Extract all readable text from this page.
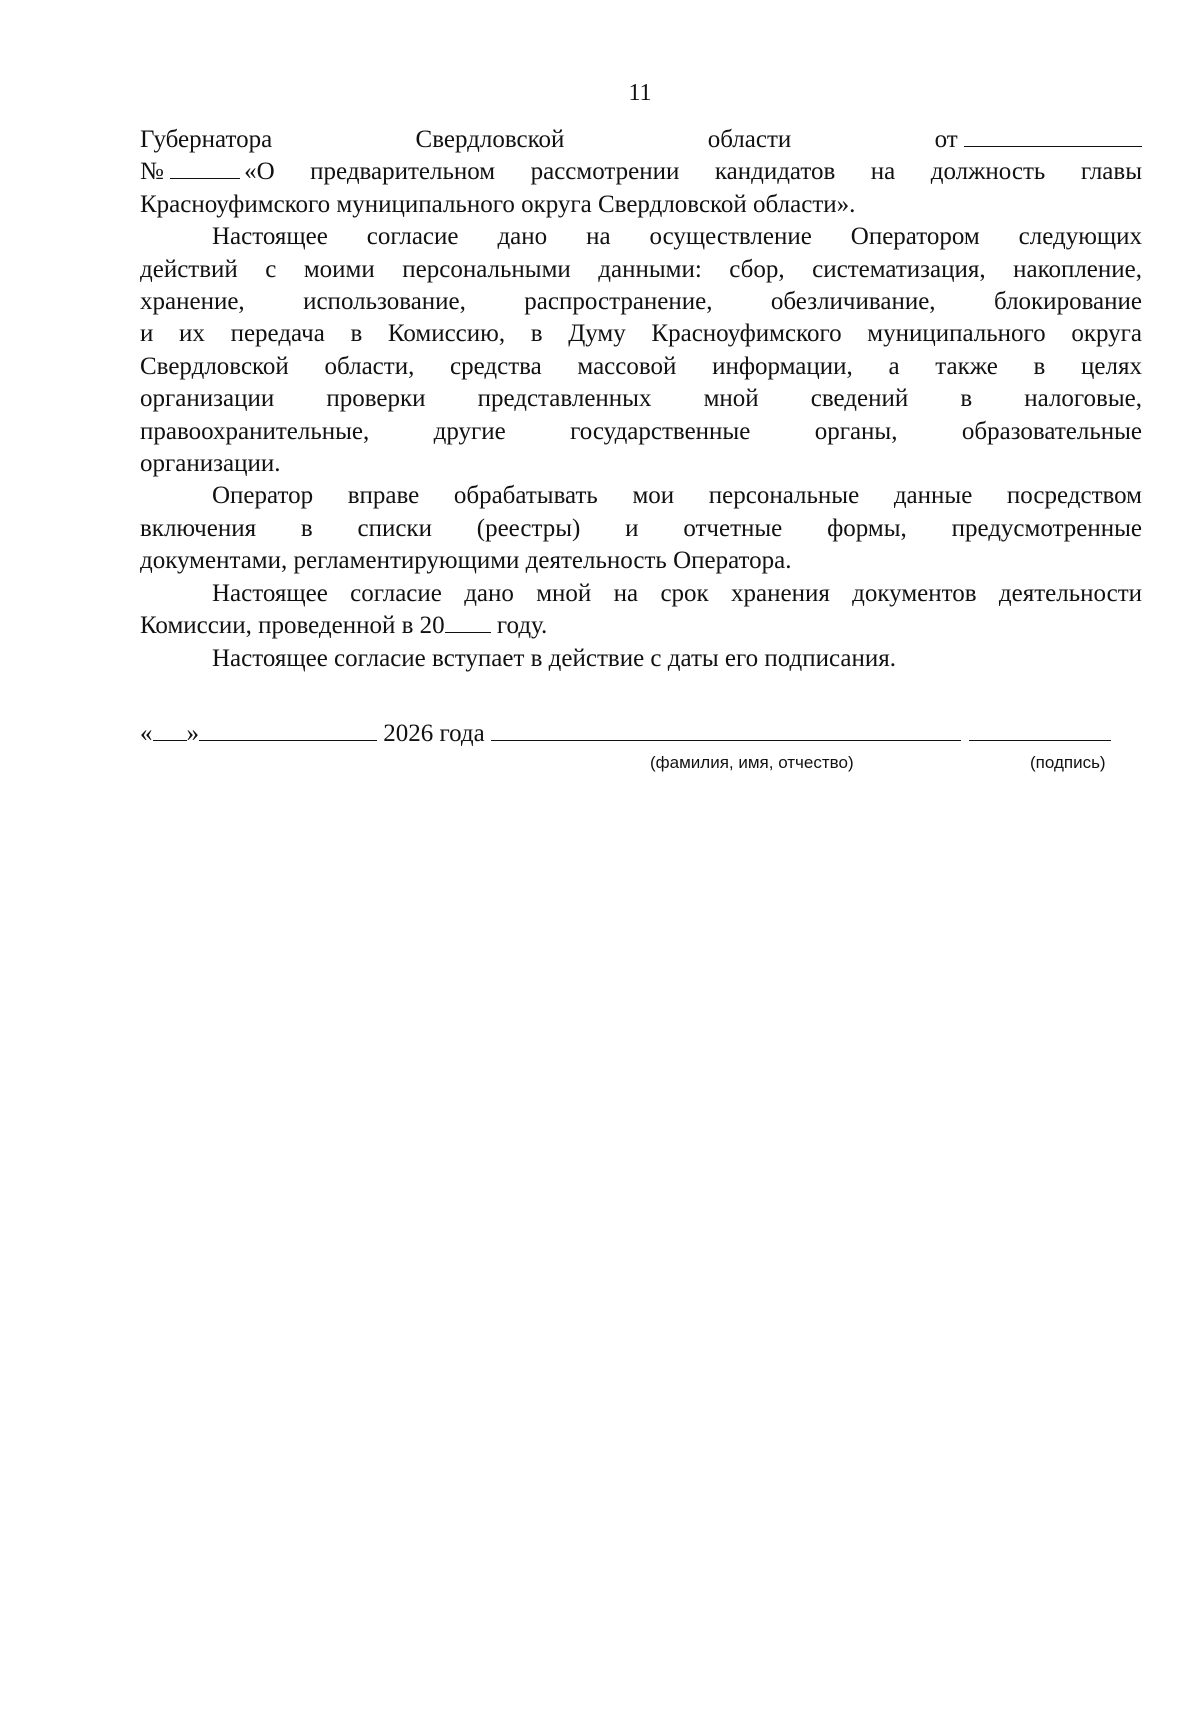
11
Губернатора	Свердловской	области	от
№	«О предварительном рассмотрении кандидатов на должность главы
Красноуфимского муниципального округа Свердловской области».
Настоящее согласие дано на осуществление Оператором следующих
действий с моими персональными данными: сбор, систематизация, накопление,
хранение, использование, распространение, обезличивание, блокирование
и их передача в Комиссию, в Думу Красноуфимского муниципального округа
Свердловской области, средства массовой информации, а также в целях
организации проверки представленных мной сведений в налоговые,
правоохранительные, другие государственные органы, образовательные
организации.
Оператор вправе обрабатывать мои персональные данные посредством
включения в списки (реестры) и отчетные формы, предусмотренные
документами, регламентирующими деятельность Оператора.
Настоящее согласие дано мной на срок хранения документов деятельности
Комиссии, проведенной в 20 году.
Настоящее согласие вступает в действие с даты его подписания.
« »	2026 года
(фамилия, имя, отчество)	(подпись)
